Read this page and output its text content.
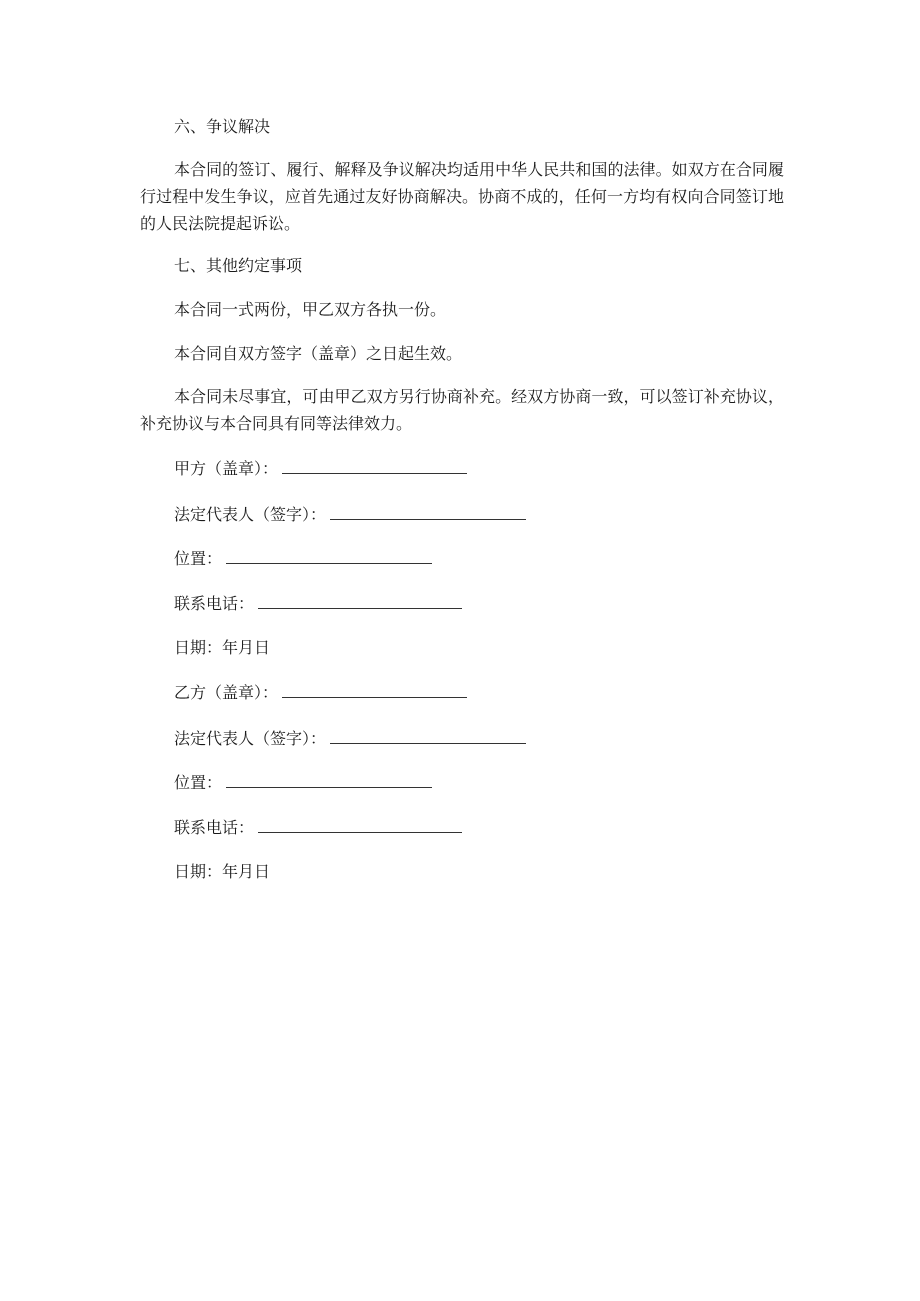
六、争议解决
本合同的签订、履行、解释及争议解决均适用中华人民共和国的法律。如双方在合同履行过程中发生争议，应首先通过友好协商解决。协商不成的，任何一方均有权向合同签订地的人民法院提起诉讼。
七、其他约定事项
本合同一式两份，甲乙双方各执一份。
本合同自双方签字（盖章）之日起生效。
本合同未尽事宜，可由甲乙双方另行协商补充。经双方协商一致，可以签订补充协议，补充协议与本合同具有同等法律效力。
甲方（盖章）：
法定代表人（签字）：
位置：
联系电话：
日期：年月日
乙方（盖章）：
法定代表人（签字）：
位置：
联系电话：
日期：年月日
